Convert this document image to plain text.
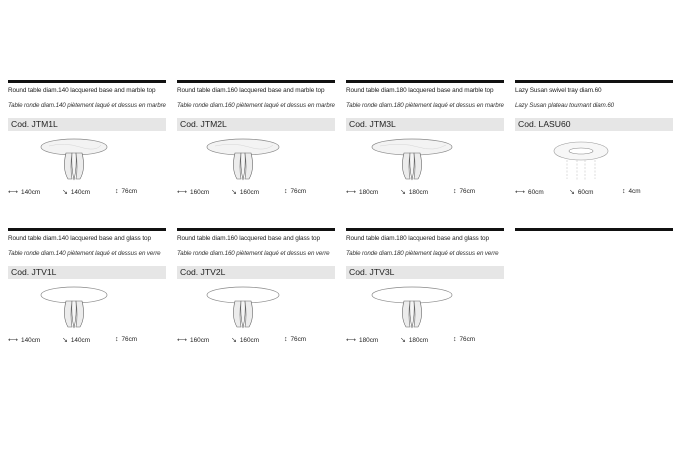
Round table diam.140 lacquered base and marble top
Table ronde diam.140 piètement laqué et dessus en marbre
Cod. JTM1L
⟷ 140cm	↘ 140cm	↕ 76cm
Round table diam.160 lacquered base and marble top
Table ronde diam.160 piètement laqué et dessus en marbre
Cod. JTM2L
⟷ 160cm	↘ 160cm	↕ 76cm
Round table diam.180 lacquered base and marble top
Table ronde diam.180 piètement laqué et dessus en marbre
Cod. JTM3L
⟷ 180cm	↘ 180cm	↕ 76cm
Lazy Susan swivel tray diam.60
Lazy Susan plateau tournant diam.60
Cod. LASU60
⟷ 60cm	↘ 60cm	↕ 4cm
Round table diam.140 lacquered base and glass top
Table ronde diam.140 piètement laqué et dessus en verre
Cod. JTV1L
⟷ 140cm	↘ 140cm	↕ 76cm
Round table diam.160 lacquered base and glass top
Table ronde diam.160 piètement laqué et dessus en verre
Cod. JTV2L
⟷ 160cm	↘ 160cm	↕ 76cm
Round table diam.180 lacquered base and glass top
Table ronde diam.180 piètement laqué et dessus en verre
Cod. JTV3L
⟷ 180cm	↘ 180cm	↕ 76cm
